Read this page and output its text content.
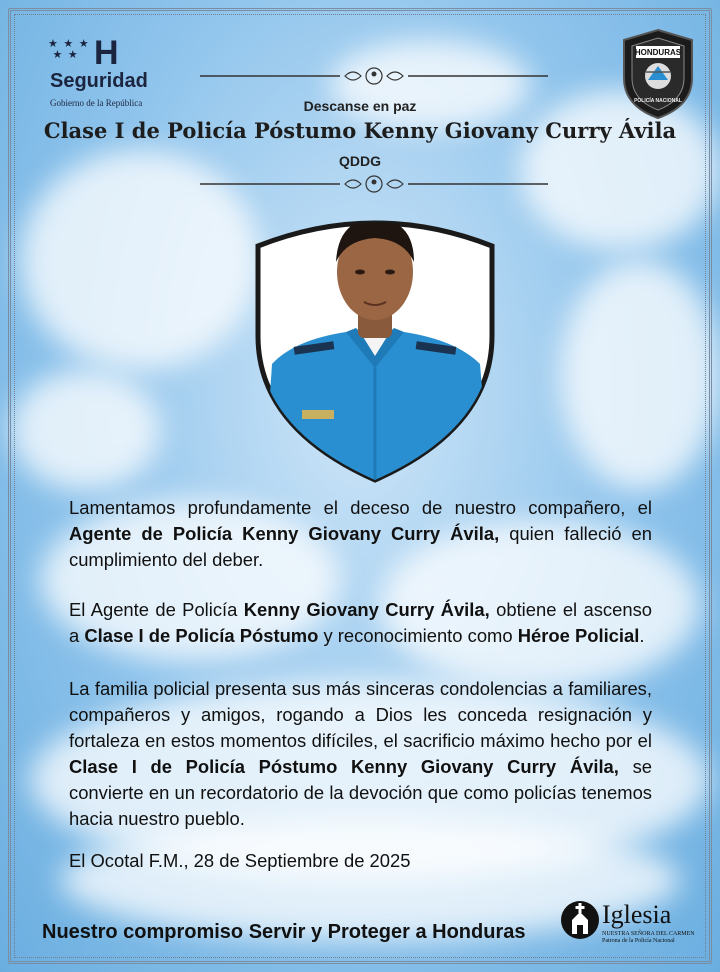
★ ★ ★
★ ★ H
Seguridad
Gobierno de la República
HONDURAS
POLICÍA NACIONAL
Descanse en paz
Clase I de Policía Póstumo Kenny Giovany Curry Ávila
QDDG

Lamentamos profundamente el deceso de nuestro compañero, el Agente de Policía Kenny Giovany Curry Ávila, quien falleció en cumplimiento del deber.

El Agente de Policía Kenny Giovany Curry Ávila, obtiene el ascenso a Clase I de Policía Póstumo y reconocimiento como Héroe Policial.

La familia policial presenta sus más sinceras condolencias a familiares, compañeros y amigos, rogando a Dios les conceda resignación y fortaleza en estos momentos difíciles, el sacrificio máximo hecho por el Clase I de Policía Póstumo Kenny Giovany Curry Ávila, se convierte en un recordatorio de la devoción que como policías tenemos hacia nuestro pueblo.

El Ocotal F.M., 28 de Septiembre de 2025
Nuestro compromiso Servir y Proteger a Honduras
Iglesia
NUESTRA SEÑORA DEL CARMEN
Patrona de la Policía Nacional
